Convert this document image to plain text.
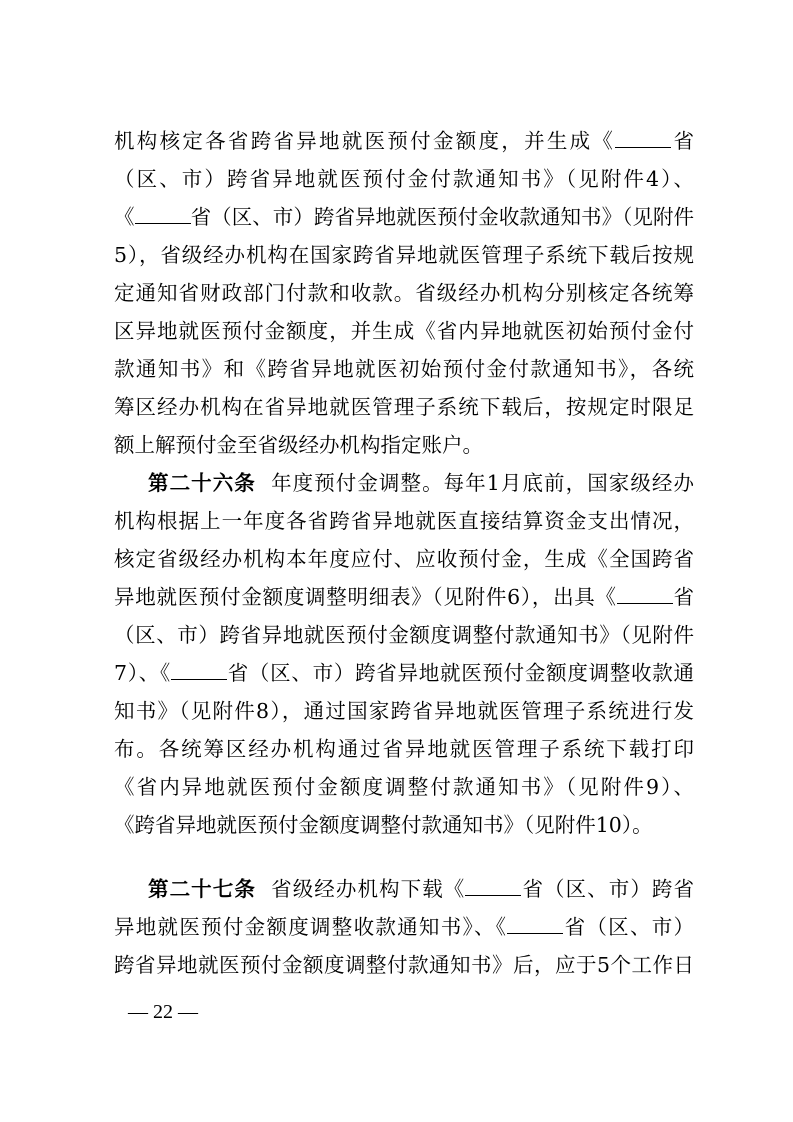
机构核定各省跨省异地就医预付金额度，并生成《	省
（区、市）跨省异地就医预付金付款通知书》（见附件4）、
《	省（区、市）跨省异地就医预付金收款通知书》（见附件
5），省级经办机构在国家跨省异地就医管理子系统下载后按规
定通知省财政部门付款和收款。省级经办机构分别核定各统筹
区异地就医预付金额度，并生成《省内异地就医初始预付金付
款通知书》和《跨省异地就医初始预付金付款通知书》，各统
筹区经办机构在省异地就医管理子系统下载后，按规定时限足
额上解预付金至省级经办机构指定账户。
第二十六条 年度预付金调整。每年1月底前，国家级经办
机构根据上一年度各省跨省异地就医直接结算资金支出情况，
核定省级经办机构本年度应付、应收预付金，生成《全国跨省
异地就医预付金额度调整明细表》（见附件6），出具《	省
（区、市）跨省异地就医预付金额度调整付款通知书》（见附件
7）、《	省（区、市）跨省异地就医预付金额度调整收款通
知书》（见附件8），通过国家跨省异地就医管理子系统进行发
布。各统筹区经办机构通过省异地就医管理子系统下载打印
《省内异地就医预付金额度调整付款通知书》（见附件9）、
《跨省异地就医预付金额度调整付款通知书》（见附件10）。
第二十七条 省级经办机构下载《	省（区、市）跨省
异地就医预付金额度调整收款通知书》、《	省（区、市）
跨省异地就医预付金额度调整付款通知书》后，应于5个工作日
— 22 —
